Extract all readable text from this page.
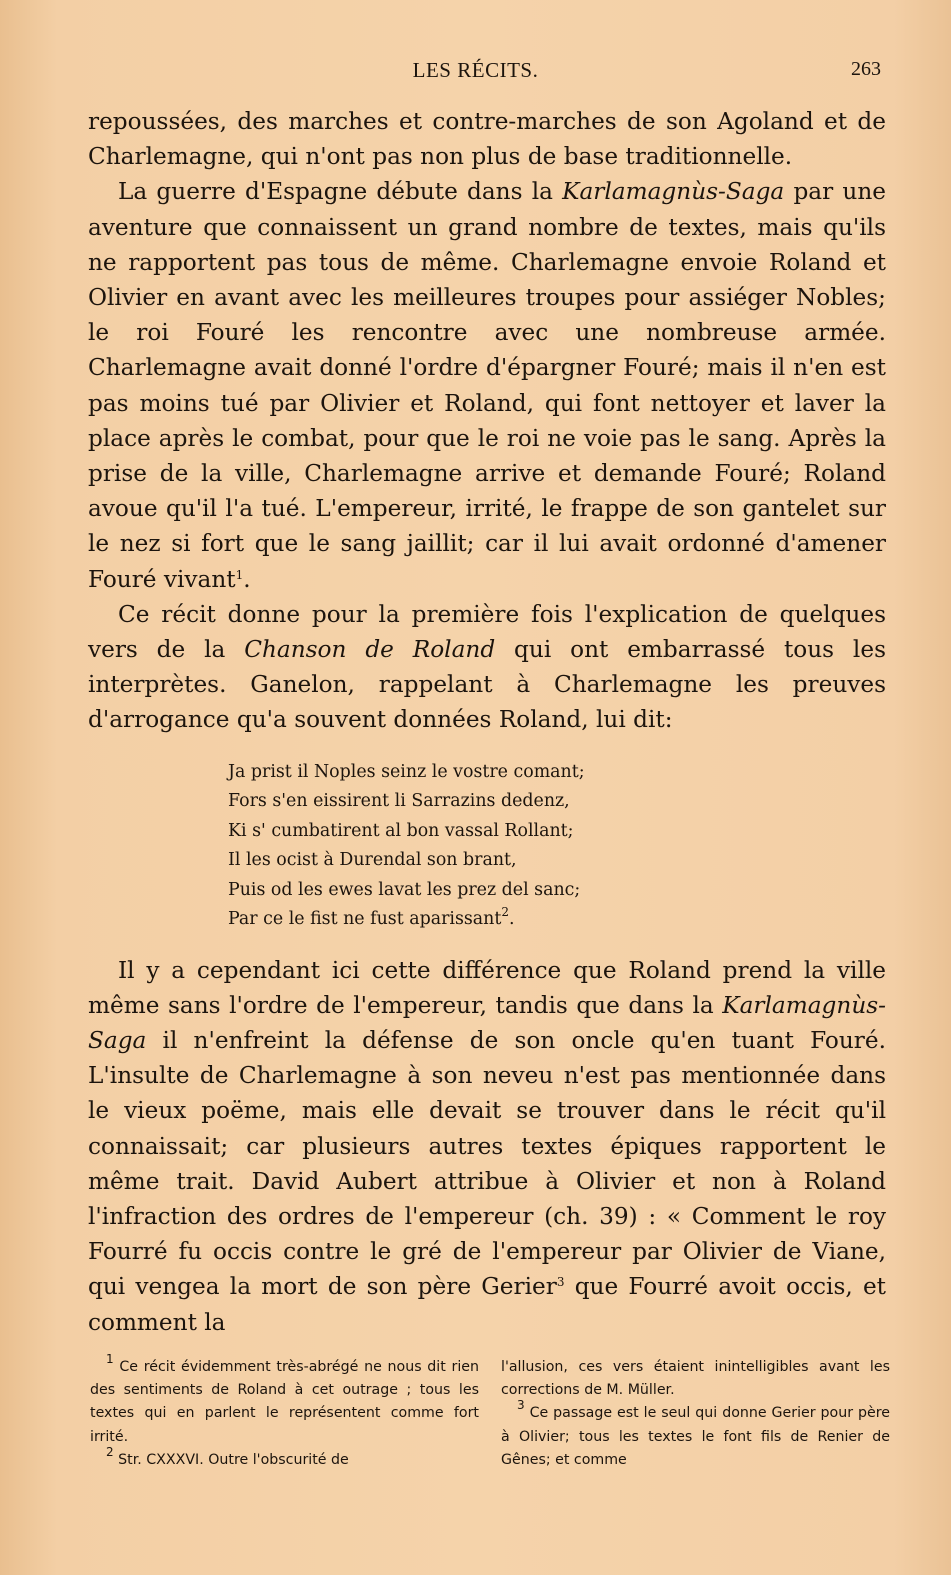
LES RÉCITS.	263

repoussées, des marches et contre-marches de son Agoland et de Charlemagne, qui n'ont pas non plus de base traditionnelle.

La guerre d'Espagne débute dans la Karlamagnùs-Saga par une aventure que connaissent un grand nombre de textes, mais qu'ils ne rapportent pas tous de même. Charlemagne envoie Roland et Olivier en avant avec les meilleures troupes pour assiéger Nobles; le roi Fouré les rencontre avec une nombreuse armée. Charlemagne avait donné l'ordre d'épargner Fouré; mais il n'en est pas moins tué par Olivier et Roland, qui font nettoyer et laver la place après le combat, pour que le roi ne voie pas le sang. Après la prise de la ville, Charlemagne arrive et demande Fouré; Roland avoue qu'il l'a tué. L'empereur, irrité, le frappe de son gantelet sur le nez si fort que le sang jaillit; car il lui avait ordonné d'amener Fouré vivant$^1$.

Ce récit donne pour la première fois l'explication de quelques vers de la Chanson de Roland qui ont embarrassé tous les interprètes. Ganelon, rappelant à Charlemagne les preuves d'arrogance qu'a souvent données Roland, lui dit:

Ja prist il Noples seinz le vostre comant;
Fors s'en eissirent li Sarrazins dedenz,
Ki s' cumbatirent al bon vassal Rollant;
Il les ocist à Durendal son brant,
Puis od les ewes lavat les prez del sanc;
Par ce le fist ne fust aparissant$^2$.

Il y a cependant ici cette différence que Roland prend la ville même sans l'ordre de l'empereur, tandis que dans la Karlamagnùs-Saga il n'enfreint la défense de son oncle qu'en tuant Fouré. L'insulte de Charlemagne à son neveu n'est pas mentionnée dans le vieux poëme, mais elle devait se trouver dans le récit qu'il connaissait; car plusieurs autres textes épiques rapportent le même trait. David Aubert attribue à Olivier et non à Roland l'infraction des ordres de l'empereur (ch. 39) : « Comment le roy Fourré fu occis contre le gré de l'empereur par Olivier de Viane, qui vengea la mort de son père Gerier$^3$ que Fourré avoit occis, et comment la

$^1$ Ce récit évidemment très-abrégé ne nous dit rien des sentiments de Roland à cet outrage ; tous les textes qui en parlent le représentent comme fort irrité.

$^2$ Str. CXXXVI. Outre l'obscurité de

l'allusion, ces vers étaient inintelligibles avant les corrections de M. Müller.

$^3$ Ce passage est le seul qui donne Gerier pour père à Olivier; tous les textes le font fils de Renier de Gênes; et comme
